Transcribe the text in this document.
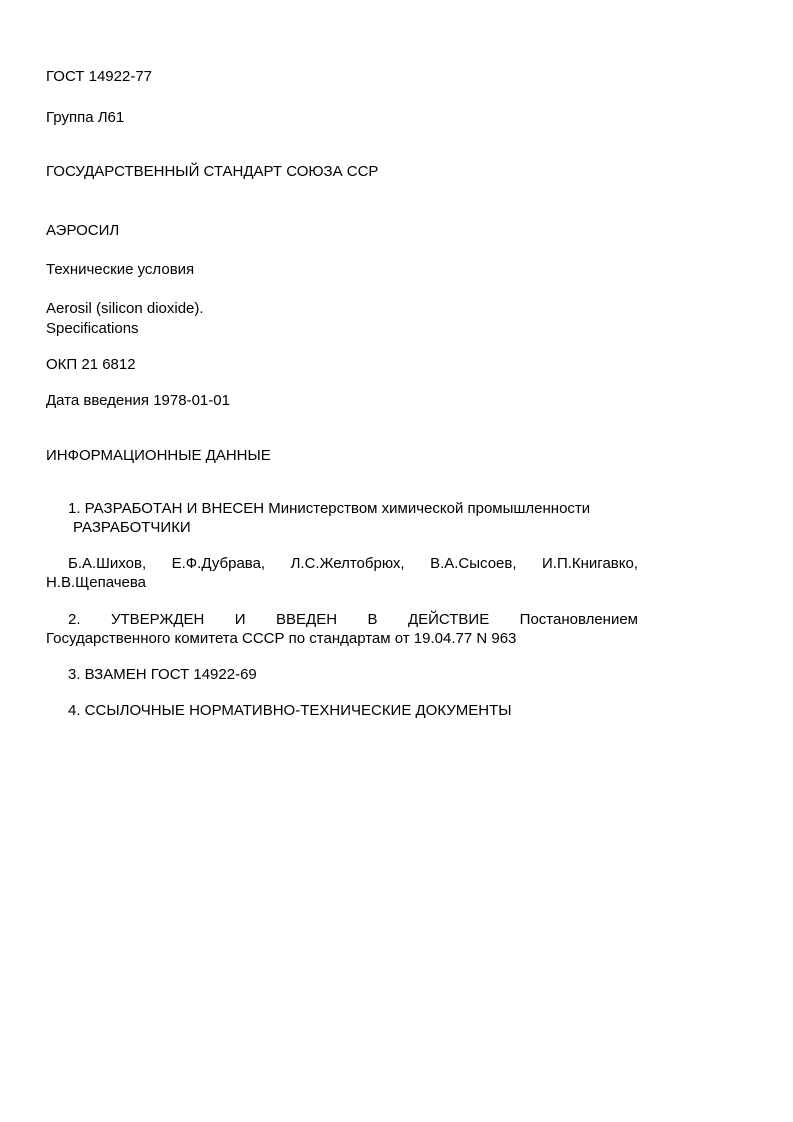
ГОСТ 14922-77
Группа Л61
ГОСУДАРСТВЕННЫЙ СТАНДАРТ СОЮЗА ССР
АЭРОСИЛ
Технические условия
Aerosil (silicon dioxide).
Specifications
ОКП 21 6812
Дата введения 1978-01-01
ИНФОРМАЦИОННЫЕ ДАННЫЕ
1. РАЗРАБОТАН И ВНЕСЕН Министерством химической промышленности
РАЗРАБОТЧИКИ
Б.А.Шихов, Е.Ф.Дубрава, Л.С.Желтобрюх, В.А.Сысоев, И.П.Книгавко,
Н.В.Щепачева
2. УТВЕРЖДЕН И ВВЕДЕН В ДЕЙСТВИЕ Постановлением
Государственного комитета СССР по стандартам от 19.04.77 N 963
3. ВЗАМЕН ГОСТ 14922-69
4. ССЫЛОЧНЫЕ НОРМАТИВНО-ТЕХНИЧЕСКИЕ ДОКУМЕНТЫ
